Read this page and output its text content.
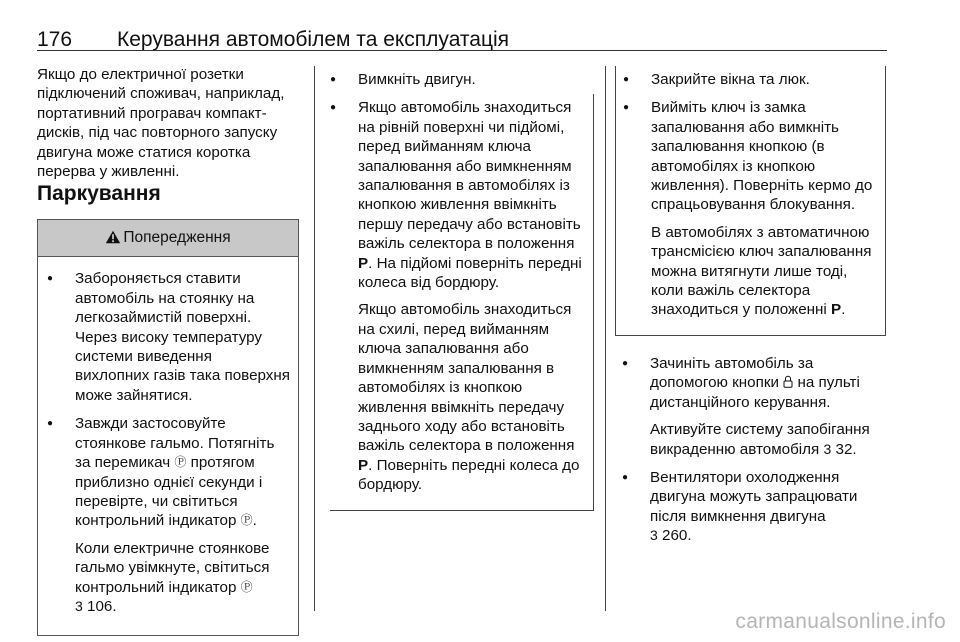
176 Керування автомобілем та експлуатація

Якщо до електричної розетки підключений споживач, наприклад, портативний програвач компакт-дисків, під час повторного запуску двигуна може статися коротка перерва у живленні.

Паркування
Попередження
● Забороняється ставити автомобіль на стоянку на легкозаймистій поверхні. Через високу температуру системи виведення вихлопних газів така поверхня може зайнятися.
● Завжди застосовуйте стоянкове гальмо. Потягніть за перемикач Ⓟ протягом приблизно однієї секунди і перевірте, чи світиться контрольний індикатор Ⓟ.

Коли електричне стоянкове гальмо увімкнуте, світиться контрольний індикатор Ⓟ
3 106.

● Вимкніть двигун.
● Якщо автомобіль знаходиться на рівній поверхні чи підйомі, перед вийманням ключа запалювання або вимкненням запалювання в автомобілях із кнопкою живлення ввімкніть першу передачу або встановіть важіль селектора в положення P. На підйомі поверніть передні колеса від бордюру.

Якщо автомобіль знаходиться на схилі, перед вийманням ключа запалювання або вимкненням запалювання в автомобілях із кнопкою живлення ввімкніть передачу заднього ходу або встановіть важіль селектора в положення P. Поверніть передні колеса до бордюру.

● Закрийте вікна та люк.
● Вийміть ключ із замка запалювання або вимкніть запалювання кнопкою (в автомобілях із кнопкою живлення). Поверніть кермо до спрацьовування блокування.

В автомобілях з автоматичною трансмісією ключ запалювання можна витягнути лише тоді, коли важіль селектора знаходиться у положенні P.

● Зачиніть автомобіль за допомогою кнопки на пульті дистанційного керування.

Активуйте систему запобігання викраденню автомобіля 3 32.

● Вентилятори охолодження двигуна можуть запрацювати після вимкнення двигуна
3 260.
carmanualsonline.info
